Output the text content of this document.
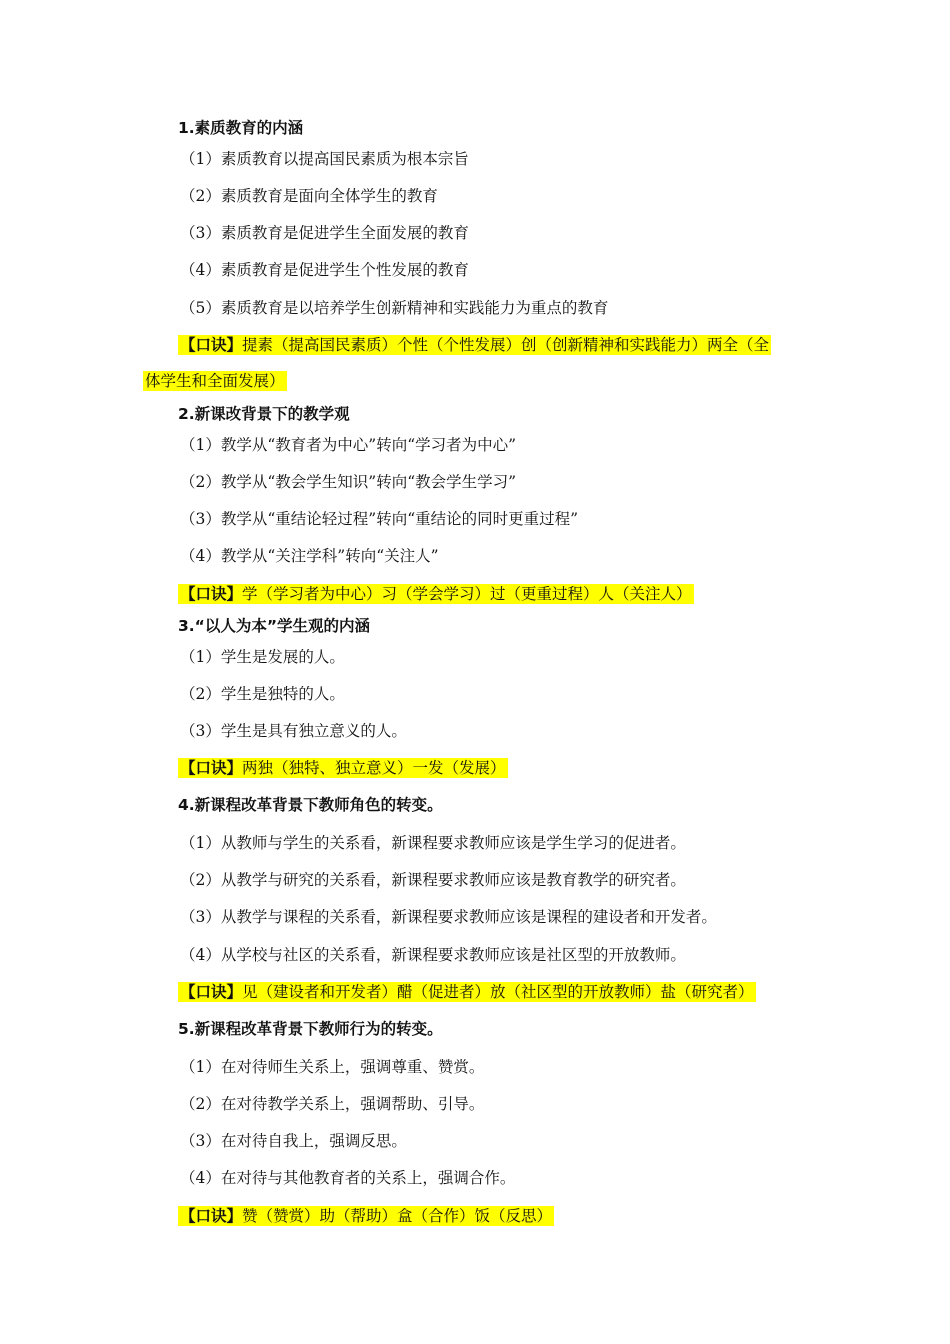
1.素质教育的内涵
（1）素质教育以提高国民素质为根本宗旨
（2）素质教育是面向全体学生的教育
（3）素质教育是促进学生全面发展的教育
（4）素质教育是促进学生个性发展的教育
（5）素质教育是以培养学生创新精神和实践能力为重点的教育
【口诀】提素（提高国民素质）个性（个性发展）创（创新精神和实践能力）两全（全
体学生和全面发展）
2.新课改背景下的教学观
（1）教学从“教育者为中心”转向“学习者为中心”
（2）教学从“教会学生知识”转向“教会学生学习”
（3）教学从“重结论轻过程”转向“重结论的同时更重过程”
（4）教学从“关注学科”转向“关注人”
【口诀】学（学习者为中心）习（学会学习）过（更重过程）人（关注人）
3.“以人为本”学生观的内涵
（1）学生是发展的人。
（2）学生是独特的人。
（3）学生是具有独立意义的人。
【口诀】两独（独特、独立意义）一发（发展）
4.新课程改革背景下教师角色的转变。
（1）从教师与学生的关系看，新课程要求教师应该是学生学习的促进者。
（2）从教学与研究的关系看，新课程要求教师应该是教育教学的研究者。
（3）从教学与课程的关系看，新课程要求教师应该是课程的建设者和开发者。
（4）从学校与社区的关系看，新课程要求教师应该是社区型的开放教师。
【口诀】见（建设者和开发者）醋（促进者）放（社区型的开放教师）盐（研究者）
5.新课程改革背景下教师行为的转变。
（1）在对待师生关系上，强调尊重、赞赏。
（2）在对待教学关系上，强调帮助、引导。
（3）在对待自我上，强调反思。
（4）在对待与其他教育者的关系上，强调合作。
【口诀】赞（赞赏）助（帮助）盒（合作）饭（反思）
